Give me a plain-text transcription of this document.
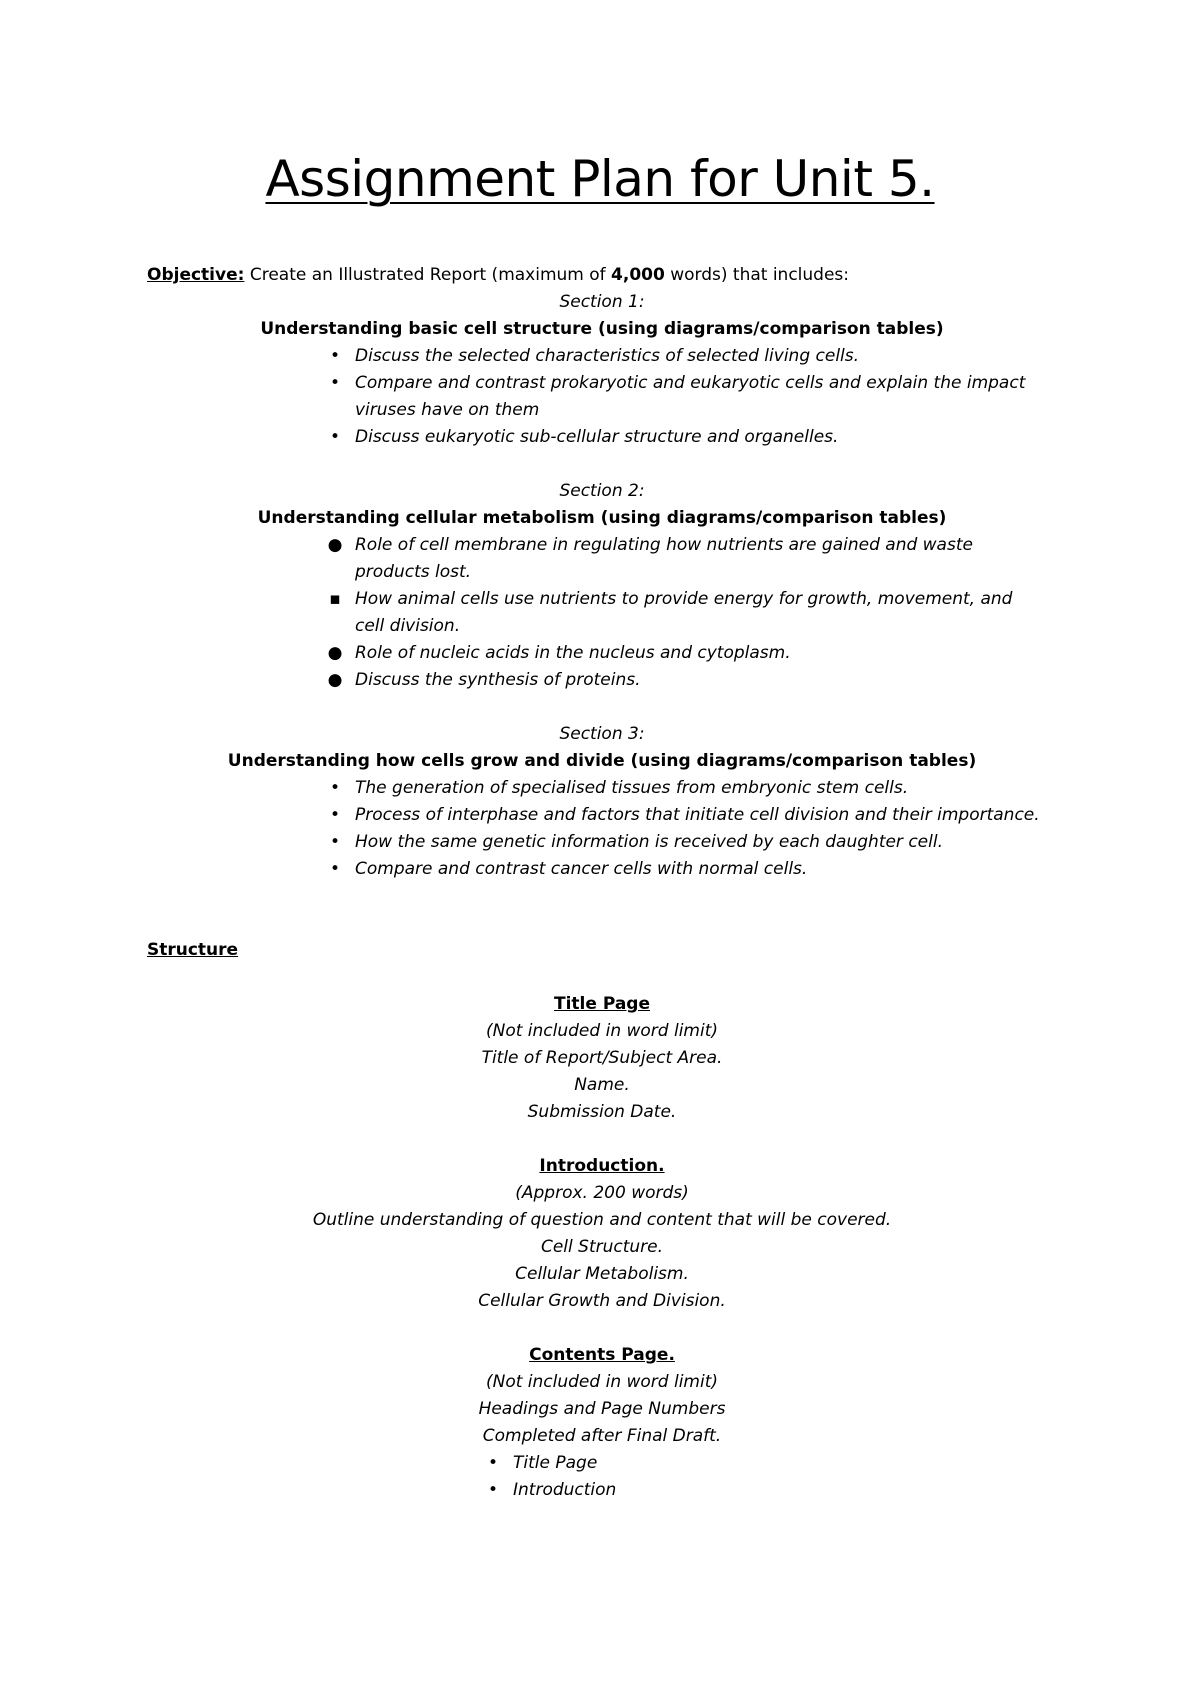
Assignment Plan for Unit 5.
Objective: Create an Illustrated Report (maximum of 4,000 words) that includes:
Section 1:
Understanding basic cell structure (using diagrams/comparison tables)
• Discuss the selected characteristics of selected living cells.
• Compare and contrast prokaryotic and eukaryotic cells and explain the impact viruses have on them
• Discuss eukaryotic sub-cellular structure and organelles.
Section 2:
Understanding cellular metabolism (using diagrams/comparison tables)
● Role of cell membrane in regulating how nutrients are gained and waste products lost.
▪ How animal cells use nutrients to provide energy for growth, movement, and cell division.
● Role of nucleic acids in the nucleus and cytoplasm.
● Discuss the synthesis of proteins.
Section 3:
Understanding how cells grow and divide (using diagrams/comparison tables)
• The generation of specialised tissues from embryonic stem cells.
• Process of interphase and factors that initiate cell division and their importance.
• How the same genetic information is received by each daughter cell.
• Compare and contrast cancer cells with normal cells.
Structure
Title Page
(Not included in word limit)
Title of Report/Subject Area.
Name.
Submission Date.
Introduction.
(Approx. 200 words)
Outline understanding of question and content that will be covered.
Cell Structure.
Cellular Metabolism.
Cellular Growth and Division.
Contents Page.
(Not included in word limit)
Headings and Page Numbers
Completed after Final Draft.
• Title Page
• Introduction
